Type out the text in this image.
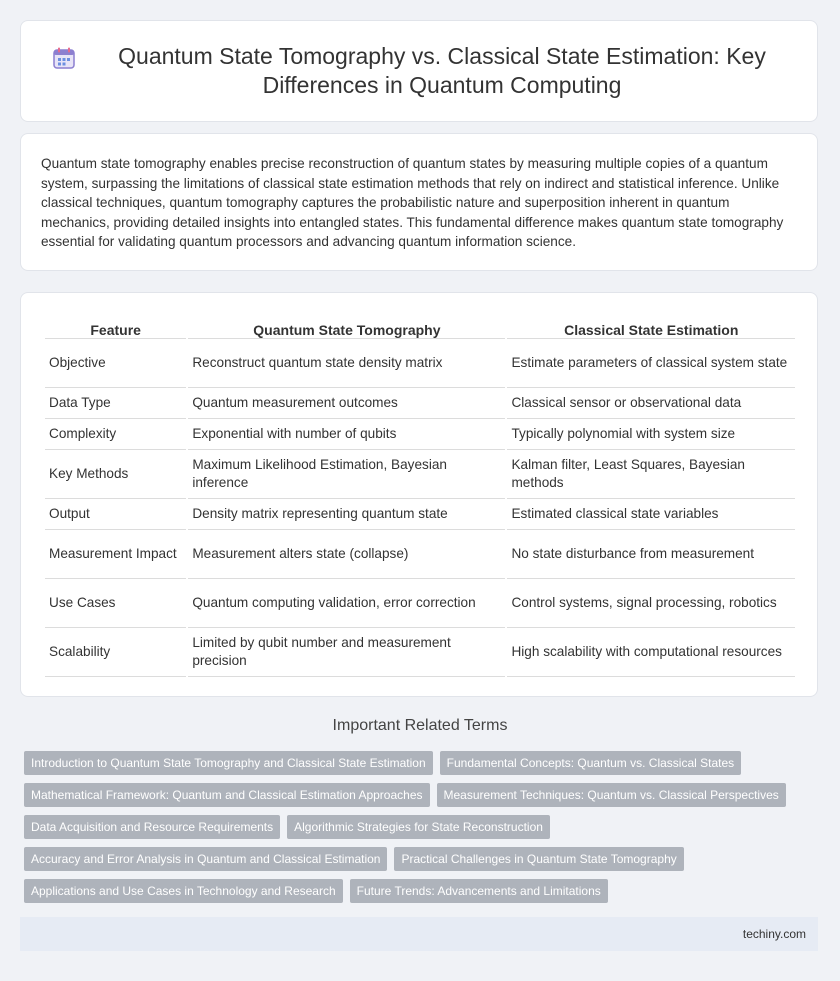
Quantum State Tomography vs. Classical State Estimation: Key Differences in Quantum Computing

Quantum state tomography enables precise reconstruction of quantum states by measuring multiple copies of a quantum system, surpassing the limitations of classical state estimation methods that rely on indirect and statistical inference. Unlike classical techniques, quantum tomography captures the probabilistic nature and superposition inherent in quantum mechanics, providing detailed insights into entangled states. This fundamental difference makes quantum state tomography essential for validating quantum processors and advancing quantum information science.

Feature	Quantum State Tomography	Classical State Estimation
Objective	Reconstruct quantum state density matrix	Estimate parameters of classical system state
Data Type	Quantum measurement outcomes	Classical sensor or observational data
Complexity	Exponential with number of qubits	Typically polynomial with system size
Key Methods	Maximum Likelihood Estimation, Bayesian inference	Kalman filter, Least Squares, Bayesian methods
Output	Density matrix representing quantum state	Estimated classical state variables
Measurement Impact	Measurement alters state (collapse)	No state disturbance from measurement
Use Cases	Quantum computing validation, error correction	Control systems, signal processing, robotics
Scalability	Limited by qubit number and measurement precision	High scalability with computational resources
Important Related Terms
Introduction to Quantum State Tomography and Classical State Estimation	Fundamental Concepts: Quantum vs. Classical States
Mathematical Framework: Quantum and Classical Estimation Approaches	Measurement Techniques: Quantum vs. Classical Perspectives
Data Acquisition and Resource Requirements	Algorithmic Strategies for State Reconstruction
Accuracy and Error Analysis in Quantum and Classical Estimation	Practical Challenges in Quantum State Tomography
Applications and Use Cases in Technology and Research	Future Trends: Advancements and Limitations
techiny.com
